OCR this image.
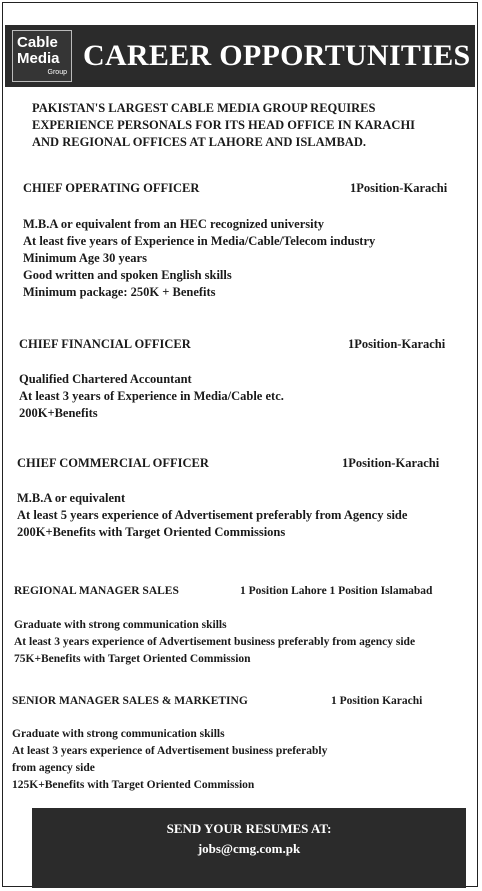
Cable
Media
Group
CAREER OPPORTUNITIES
PAKISTAN'S LARGEST CABLE MEDIA GROUP REQUIRES
EXPERIENCE PERSONALS FOR ITS HEAD OFFICE IN KARACHI
AND REGIONAL OFFICES AT LAHORE AND ISLAMBAD.
CHIEF OPERATING OFFICER	1Position-Karachi
M.B.A or equivalent from an HEC recognized university
At least five years of Experience in Media/Cable/Telecom industry
Minimum Age 30 years
Good written and spoken English skills
Minimum package: 250K + Benefits
CHIEF FINANCIAL OFFICER	1Position-Karachi
Qualified Chartered Accountant
At least 3 years of Experience in Media/Cable etc.
200K+Benefits
CHIEF COMMERCIAL OFFICER	1Position-Karachi
M.B.A or equivalent
At least 5 years experience of Advertisement preferably from Agency side
200K+Benefits with Target Oriented Commissions
REGIONAL MANAGER SALES	1 Position Lahore 1 Position Islamabad
Graduate with strong communication skills
At least 3 years experience of Advertisement business preferably from agency side
75K+Benefits with Target Oriented Commission
SENIOR MANAGER SALES & MARKETING	1 Position Karachi
Graduate with strong communication skills
At least 3 years experience of Advertisement business preferably
from agency side
125K+Benefits with Target Oriented Commission
SEND YOUR RESUMES AT:
jobs@cmg.com.pk
